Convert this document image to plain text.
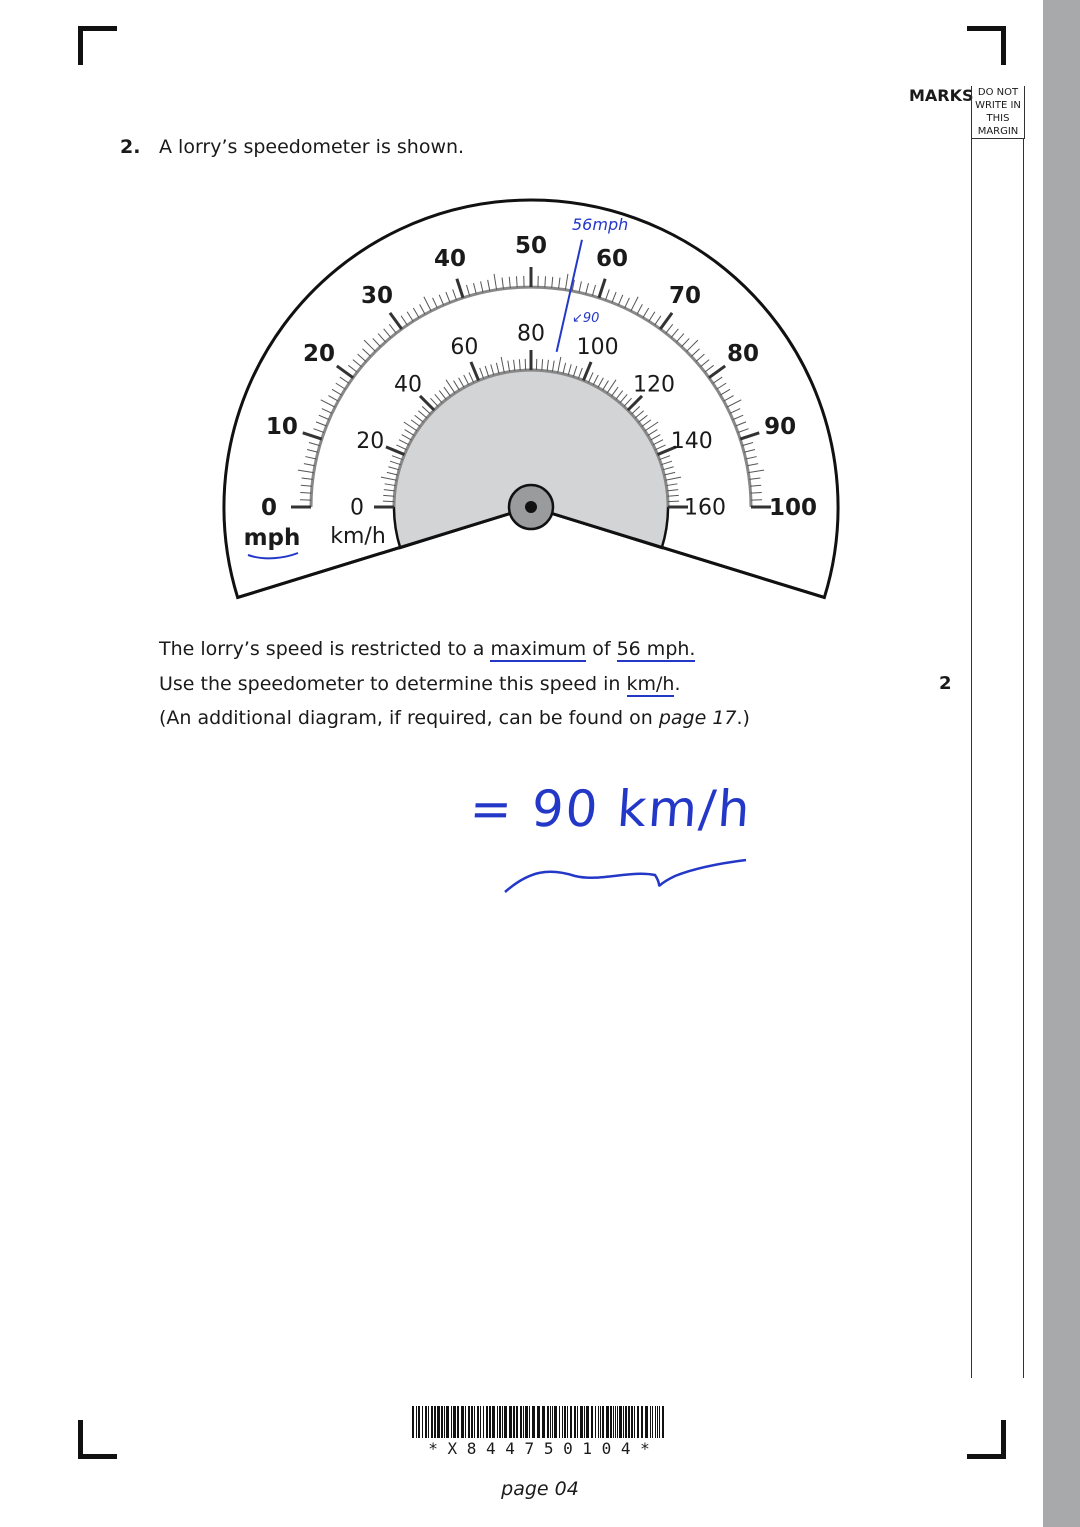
MARKS DO NOT
WRITE IN
THIS
MARGIN
2. A lorry’s speedometer is shown.
0
10
20
30
40 50 60
70
80
90
100
0
20
40
60
80
100
120
140
160
mph km/h
56mph
↙90
The lorry’s speed is restricted to a maximum of 56 mph.
Use the speedometer to determine this speed in km/h.
(An additional diagram, if required, can be found on page 17.)
2
= 90 km/h
* X 8 4 4 7 5 0 1 0 4 *
page 04
